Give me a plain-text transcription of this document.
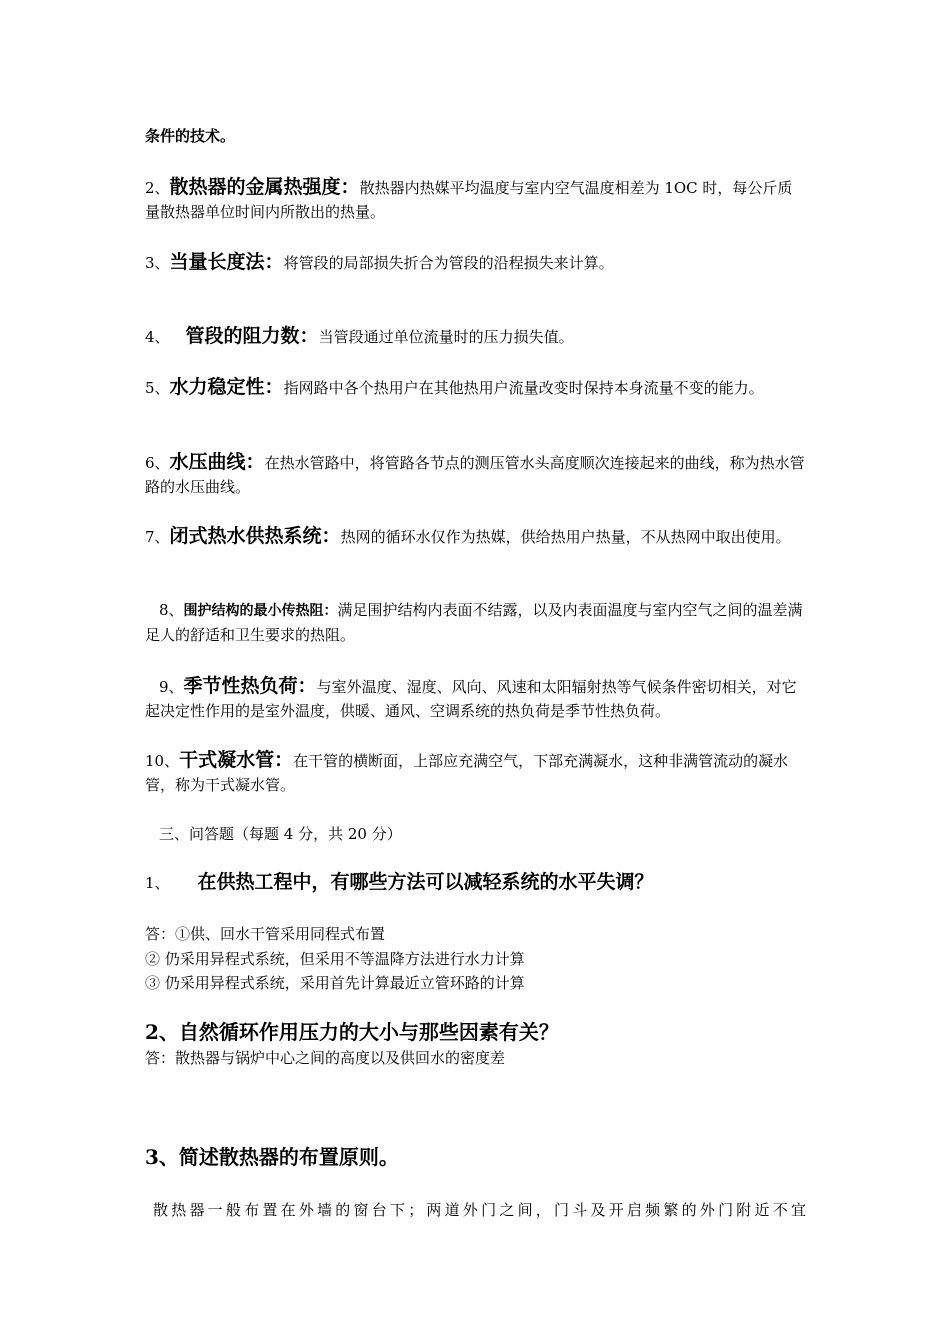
条件的技术。

2、散热器的金属热强度：散热器内热媒平均温度与室内空气温度相差为 1OC 时，每公斤质量散热器单位时间内所散出的热量。

3、当量长度法：将管段的局部损失折合为管段的沿程损失来计算。

4、 管段的阻力数：当管段通过单位流量时的压力损失值。

5、水力稳定性：指网路中各个热用户在其他热用户流量改变时保持本身流量不变的能力。

6、水压曲线：在热水管路中，将管路各节点的测压管水头高度顺次连接起来的曲线，称为热水管路的水压曲线。

7、闭式热水供热系统：热网的循环水仅作为热媒，供给热用户热量，不从热网中取出使用。

8、围护结构的最小传热阻：满足围护结构内表面不结露，以及内表面温度与室内空气之间的温差满足人的舒适和卫生要求的热阻。

9、季节性热负荷：与室外温度、湿度、风向、风速和太阳辐射热等气候条件密切相关，对它起决定性作用的是室外温度，供暖、通风、空调系统的热负荷是季节性热负荷。

10、干式凝水管：在干管的横断面，上部应充满空气，下部充满凝水，这种非满管流动的凝水管，称为干式凝水管。

三、问答题（每题 4 分，共 20 分）

1、 在供热工程中，有哪些方法可以减轻系统的水平失调？

答：①供、回水干管采用同程式布置

② 仍采用异程式系统，但采用不等温降方法进行水力计算

③ 仍采用异程式系统，采用首先计算最近立管环路的计算

2、自然循环作用压力的大小与那些因素有关？

答：散热器与锅炉中心之间的高度以及供回水的密度差

3、简述散热器的布置原则。

散热器一般布置在外墙的窗台下；两道外门之间，门斗及开启频繁的外门附近不宜
